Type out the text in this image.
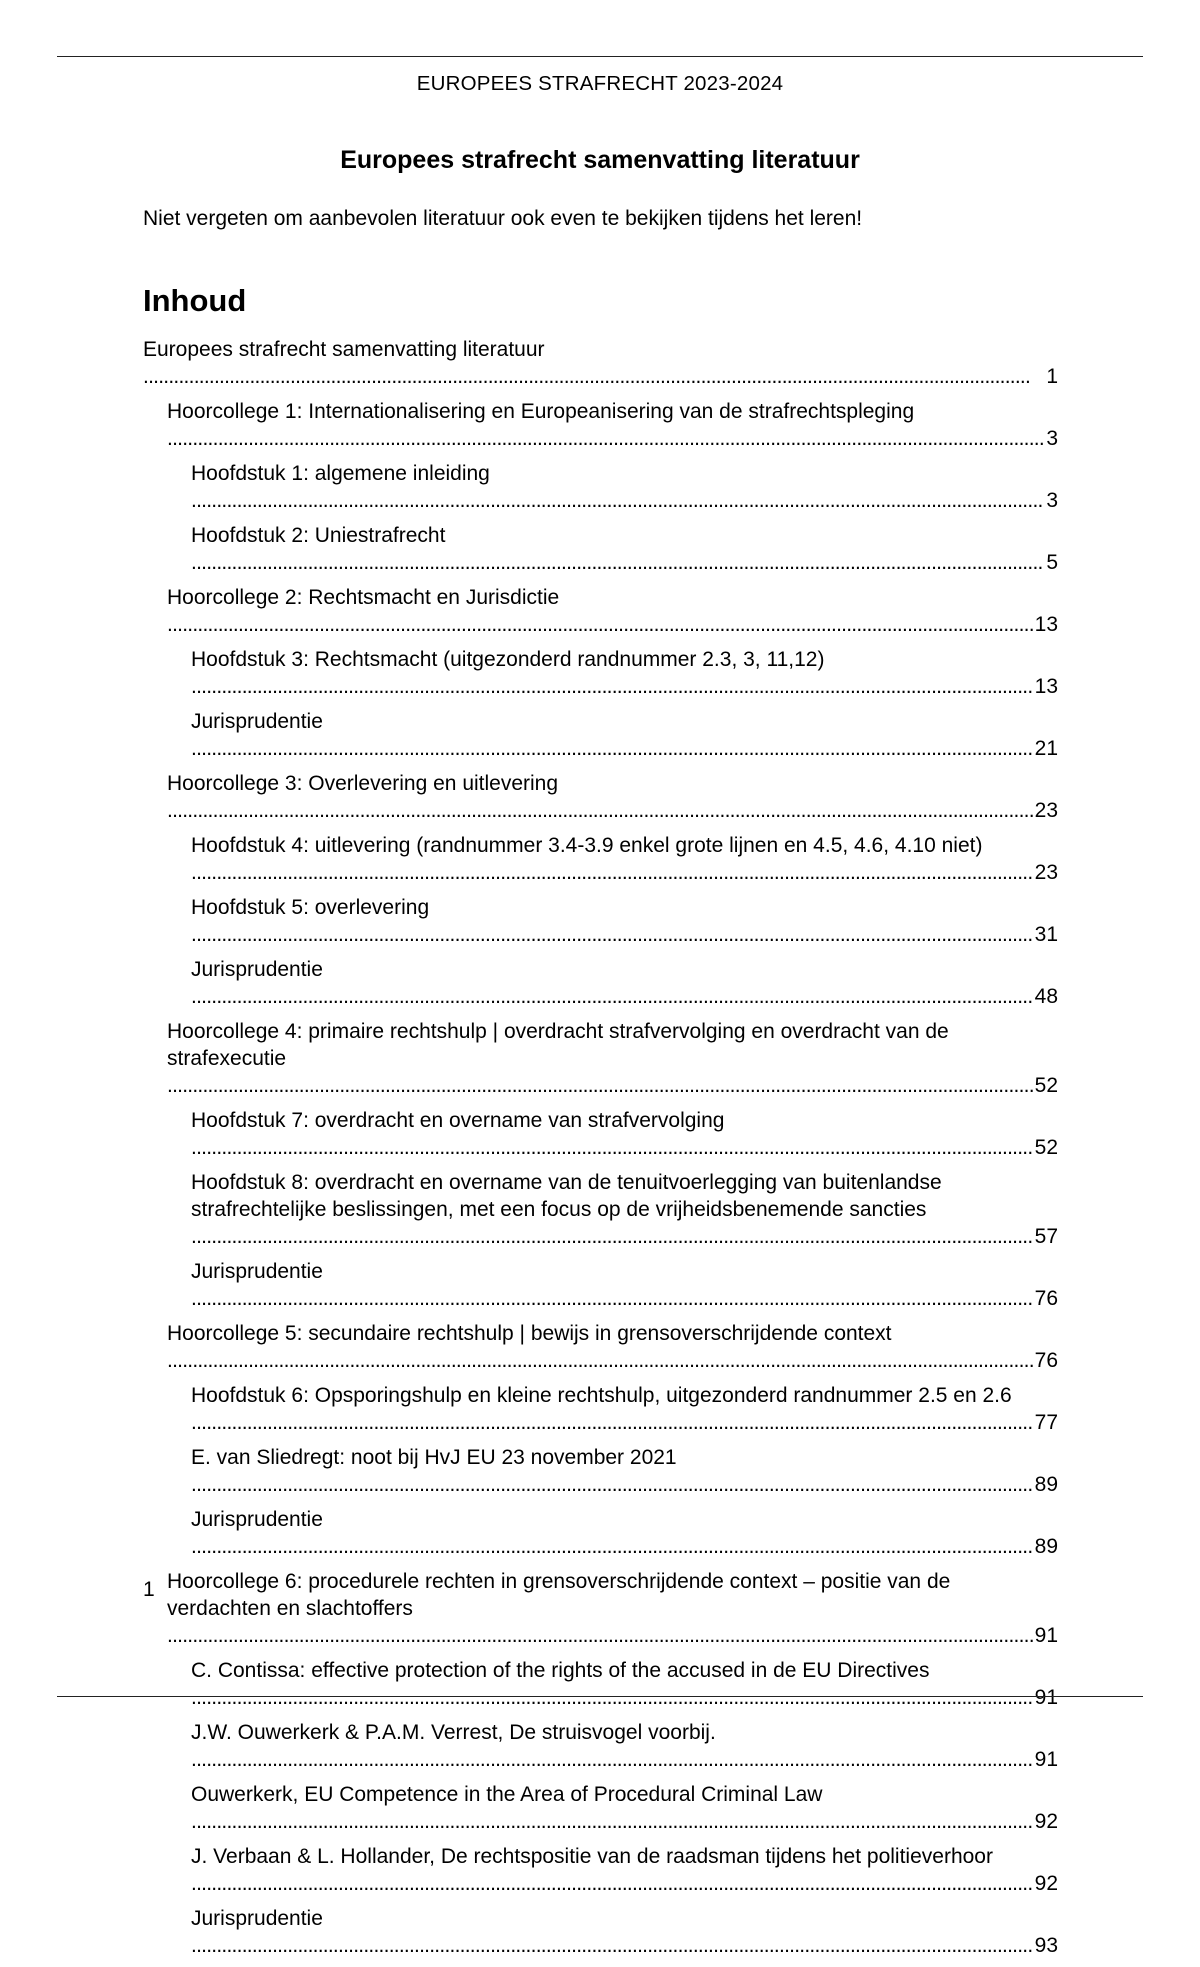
EUROPEES STRAFRECHT 2023-2024
Europees strafrecht samenvatting literatuur
Niet vergeten om aanbevolen literatuur ook even te bekijken tijdens het leren!
Inhoud
Europees strafrecht samenvatting literatuur . . .
1
Hoorcollege 1: Internationalisering en Europeanisering van de strafrechtspleging . . .
3
Hoofdstuk 1: algemene inleiding . . .
3
Hoofdstuk 2: Uniestrafrecht . . .
5
Hoorcollege 2: Rechtsmacht en Jurisdictie . . .
13
Hoofdstuk 3: Rechtsmacht (uitgezonderd randnummer 2.3, 3, 11,12) . . .
13
Jurisprudentie . . .
21
Hoorcollege 3: Overlevering en uitlevering . . .
23
Hoofdstuk 4: uitlevering (randnummer 3.4-3.9 enkel grote lijnen en 4.5, 4.6, 4.10 niet) . . .
23
Hoofdstuk 5: overlevering . . .
31
Jurisprudentie . . .
48
Hoorcollege 4: primaire rechtshulp | overdracht strafvervolging en overdracht van de strafexecutie . . .
52
Hoofdstuk 7: overdracht en overname van strafvervolging . . .
52
Hoofdstuk 8: overdracht en overname van de tenuitvoerlegging van buitenlandse strafrechtelijke beslissingen, met een focus op de vrijheidsbenemende sancties . . .
57
Jurisprudentie . . .
76
Hoorcollege 5: secundaire rechtshulp | bewijs in grensoverschrijdende context . . .
76
Hoofdstuk 6: Opsporingshulp en kleine rechtshulp, uitgezonderd randnummer 2.5 en 2.6 . . .
77
E. van Sliedregt: noot bij HvJ EU 23 november 2021 . . .
89
Jurisprudentie . . .
89
Hoorcollege 6: procedurele rechten in grensoverschrijdende context – positie van de verdachten en slachtoffers . . .
91
C. Contissa: effective protection of the rights of the accused in de EU Directives . . .
91
J.W. Ouwerkerk & P.A.M. Verrest, De struisvogel voorbij. . . .
91
Ouwerkerk, EU Competence in the Area of Procedural Criminal Law . . .
92
J. Verbaan & L. Hollander, De rechtspositie van de raadsman tijdens het politieverhoor . . .
92
Jurisprudentie . . .
93
1
